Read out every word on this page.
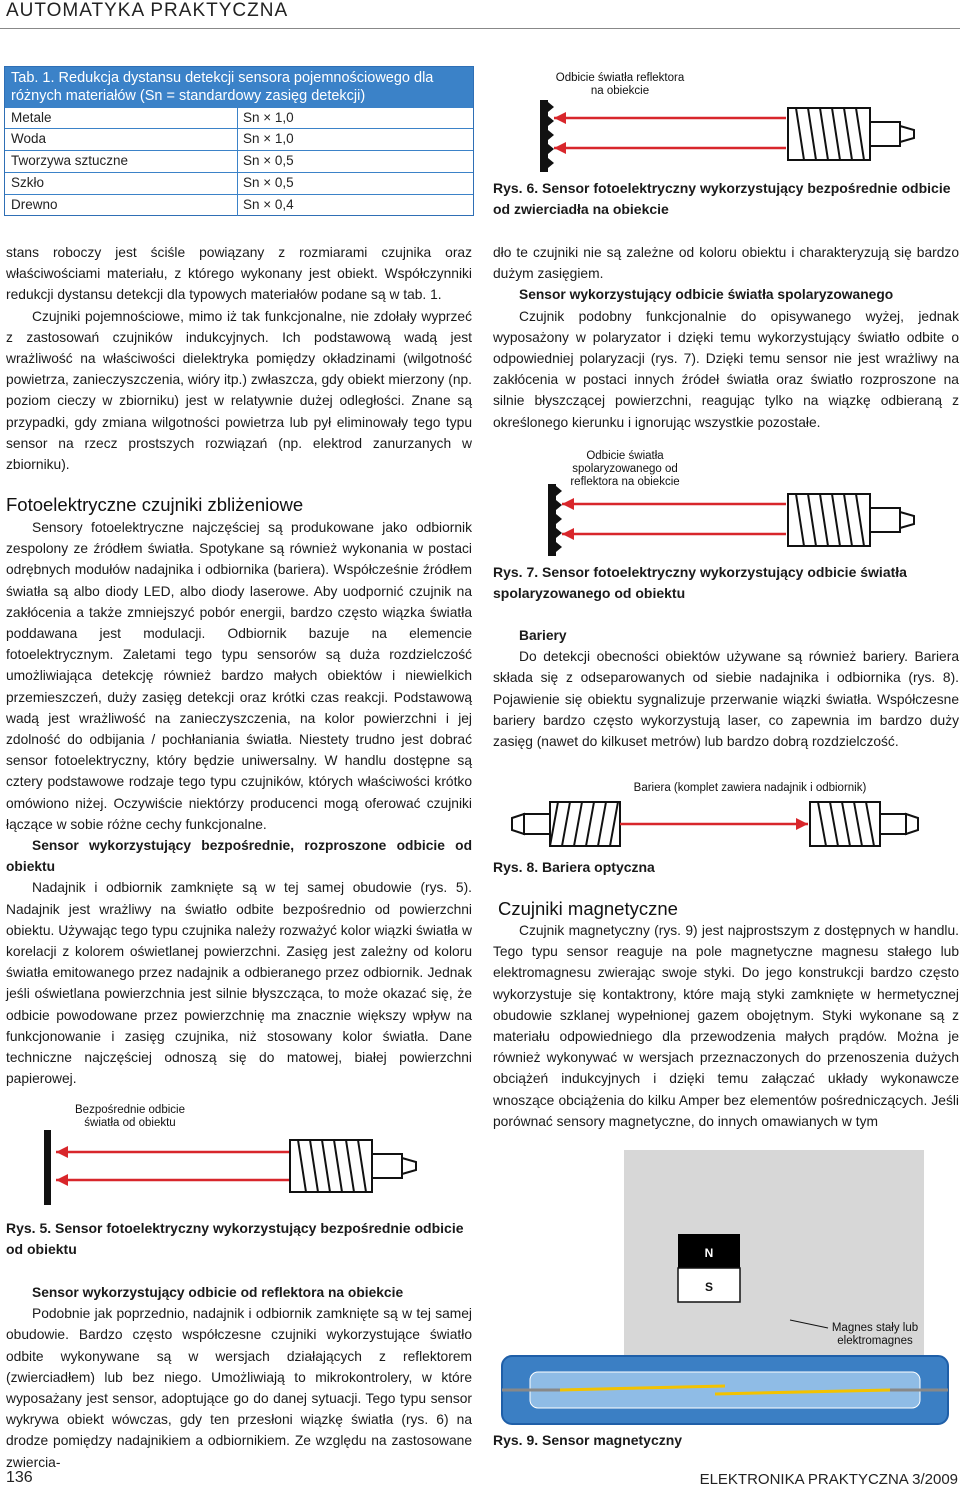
AUTOMATYKA PRAKTYCZNA
Tab. 1. Redukcja dystansu detekcji sensora pojemnościowego dla różnych materiałów (Sn = standardowy zasięg detekcji)
Metale	Sn × 1,0
Woda	Sn × 1,0
Tworzywa sztuczne	Sn × 0,5
Szkło	Sn × 0,5
Drewno	Sn × 0,4

stans roboczy jest ściśle powiązany z rozmiarami czujnika oraz właściwościami materiału, z którego wykonany jest obiekt. Współczynniki redukcji dystansu detekcji dla typowych materiałów podane są w tab. 1.

Czujniki pojemnościowe, mimo iż tak funkcjonalne, nie zdołały wyprzeć z zastosowań czujników indukcyjnych. Ich podstawową wadą jest wrażliwość na właściwości dielektryka pomiędzy okładzinami (wilgotność powietrza, zanieczyszczenia, wióry itp.) zwłaszcza, gdy obiekt mierzony (np. poziom cieczy w zbiorniku) jest w relatywnie dużej odległości. Znane są przypadki, gdy zmiana wilgotności powietrza lub pył eliminowały tego typu sensor na rzecz prostszych rozwiązań (np. elektrod zanurzanych w zbiorniku).

Fotoelektryczne czujniki zbliżeniowe

Sensory fotoelektryczne najczęściej są produkowane jako odbiornik zespolony ze źródłem światła. Spotykane są również wykonania w postaci odrębnych modułów nadajnika i odbiornika (bariera). Współcześnie źródłem światła są albo diody LED, albo diody laserowe. Aby uodpornić czujnik na zakłócenia a także zmniejszyć pobór energii, bardzo często wiązka światła poddawana jest modulacji. Odbiornik bazuje na elemencie fotoelektrycznym. Zaletami tego typu sensorów są duża rozdzielczość umożliwiająca detekcję również bardzo małych obiektów i niewielkich przemieszczeń, duży zasięg detekcji oraz krótki czas reakcji. Podstawową wadą jest wrażliwość na zanieczyszczenia, na kolor powierzchni i jej zdolność do odbijania / pochłaniania światła. Niestety trudno jest dobrać sensor fotoelektryczny, który będzie uniwersalny. W handlu dostępne są cztery podstawowe rodzaje tego typu czujników, których właściwości krótko omówiono niżej. Oczywiście niektórzy producenci mogą oferować czujniki łączące w sobie różne cechy funkcjonalne.

Sensor wykorzystujący bezpośrednie, rozproszone odbicie od obiektu

Nadajnik i odbiornik zamknięte są w tej samej obudowie (rys. 5). Nadajnik jest wrażliwy na światło odbite bezpośrednio od powierzchni obiektu. Używając tego typu czujnika należy rozważyć kolor wiązki światła w korelacji z kolorem oświetlanej powierzchni. Zasięg jest zależny od koloru światła emitowanego przez nadajnik a odbieranego przez odbiornik. Jednak jeśli oświetlana powierzchnia jest silnie błyszcząca, to może okazać się, że odbicie powodowane przez powierzchnię ma znacznie większy wpływ na funkcjonowanie i zasięg czujnika, niż stosowany kolor światła. Dane techniczne najczęściej odnoszą się do matowej, białej powierzchni papierowej.

Bezpośrednie odbicie światła od obiektu
Rys. 5. Sensor fotoelektryczny wykorzystujący bezpośrednie odbicie od obiektu

Sensor wykorzystujący odbicie od reflektora na obiekcie

Podobnie jak poprzednio, nadajnik i odbiornik zamknięte są w tej samej obudowie. Bardzo często współczesne czujniki wykorzystujące światło odbite wykonywane są w wersjach działających z reflektorem (zwierciadłem) lub bez niego. Umożliwiają to mikrokontrolery, w które wyposażany jest sensor, adoptujące go do danej sytuacji. Tego typu sensor wykrywa obiekt wówczas, gdy ten przesłoni wiązkę światła (rys. 6) na drodze pomiędzy nadajnikiem a odbiornikiem. Ze względu na zastosowane zwiercia-

Odbicie światła reflektora na obiekcie
Rys. 6. Sensor fotoelektryczny wykorzystujący bezpośrednie odbicie od zwierciadła na obiekcie

dło te czujniki nie są zależne od koloru obiektu i charakteryzują się bardzo dużym zasięgiem.

Sensor wykorzystujący odbicie światła spolaryzowanego

Czujnik podobny funkcjonalnie do opisywanego wyżej, jednak wyposażony w polaryzator i dzięki temu wykorzystujący światło odbite o odpowiedniej polaryzacji (rys. 7). Dzięki temu sensor nie jest wrażliwy na zakłócenia w postaci innych źródeł światła oraz światło rozproszone na silnie błyszczącej powierzchni, reagując tylko na wiązkę odbieraną z określonego kierunku i ignorując wszystkie pozostałe.

Odbicie światła spolaryzowanego od reflektora na obiekcie
Rys. 7. Sensor fotoelektryczny wykorzystujący odbicie światła spolaryzowanego od obiektu

Bariery

Do detekcji obecności obiektów używane są również bariery. Bariera składa się z odseparowanych od siebie nadajnika i odbiornika (rys. 8). Pojawienie się obiektu sygnalizuje przerwanie wiązki światła. Współczesne bariery bardzo często wykorzystują laser, co zapewnia im bardzo duży zasięg (nawet do kilkuset metrów) lub bardzo dobrą rozdzielczość.

Bariera (komplet zawiera nadajnik i odbiornik)
Rys. 8. Bariera optyczna
Czujniki magnetyczne

Czujnik magnetyczny (rys. 9) jest najprostszym z dostępnych w handlu. Tego typu sensor reaguje na pole magnetyczne magnesu stałego lub elektromagnesu zwierając swoje styki. Do jego konstrukcji bardzo często wykorzystuje się kontaktrony, które mają styki zamknięte w hermetycznej obudowie szklanej wypełnionej gazem obojętnym. Styki wykonane są z materiału odpowiedniego dla przewodzenia małych prądów. Można je również wykonywać w wersjach przeznaczonych do przenoszenia dużych obciążeń indukcyjnych i dzięki temu załączać układy wykonawcze wnoszące obciążenia do kilku Amper bez elementów pośredniczących. Jeśli porównać sensory magnetyczne, do innych omawianych w tym

N
S
Magnes stały lub elektromagnes
Rys. 9. Sensor magnetyczny
136	ELEKTRONIKA PRAKTYCZNA 3/2009
